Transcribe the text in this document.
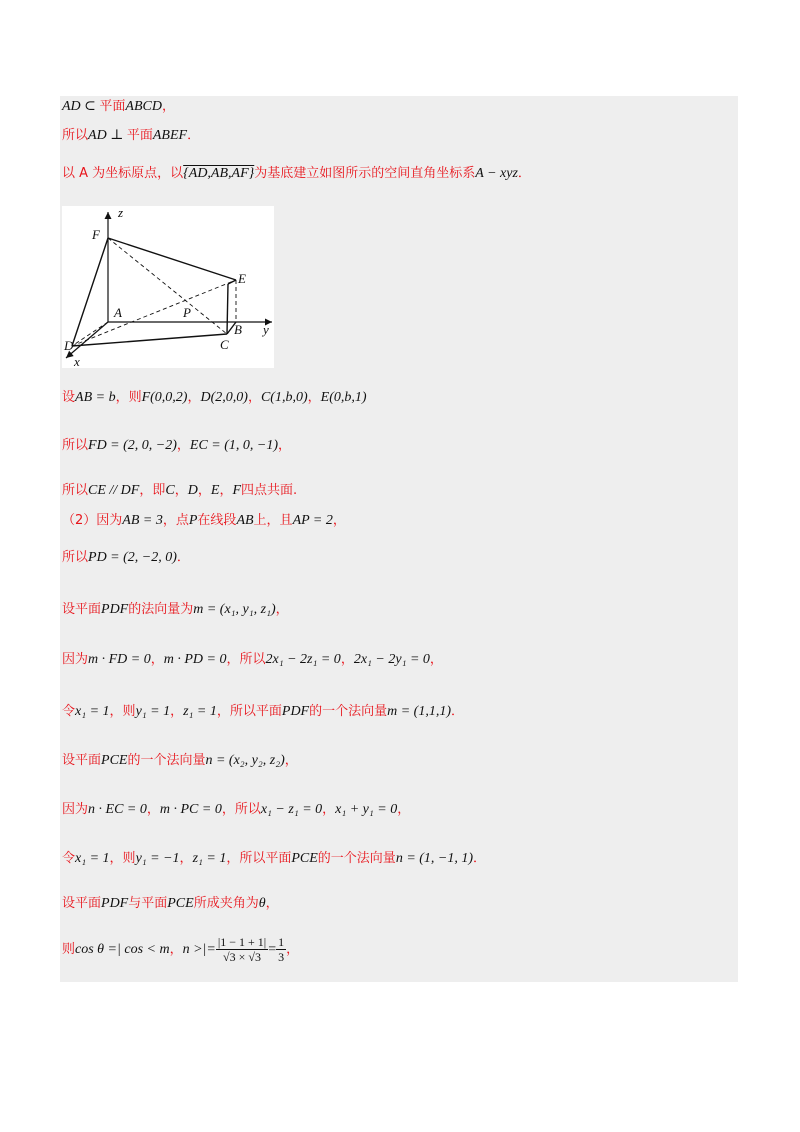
AD ⊂ 平面ABCD，
所以AD ⊥ 平面ABEF．
以 A 为坐标原点，以{AD,AB,AF}为基底建立如图所示的空间直角坐标系A − xyz．
z
F
E
A	P
y
B
C
D
x
设AB = b，则F(0,0,2)，D(2,0,0)，C(1,b,0)，E(0,b,1)
所以FD = (2, 0, −2)，EC = (1, 0, −1)，
所以CE // DF，即C，D，E，F四点共面.
（2）因为AB = 3，点P在线段AB上，且AP = 2，
所以PD = (2, −2, 0)．
设平面PDF的法向量为m = (x₁, y₁, z₁)，
因为m · FD = 0，m · PD = 0，所以2x₁ − 2z₁ = 0，2x₁ − 2y₁ = 0，
令x₁ = 1，则y₁ = 1，z₁ = 1，所以平面PDF的一个法向量m = (1,1,1)．
设平面PCE的一个法向量n = (x₂, y₂, z₂)，
因为n · EC = 0，m · PC = 0，所以x₁ − z₁ = 0，x₁ + y₁ = 0，
令x₁ = 1，则y₁ = −1，z₁ = 1，所以平面PCE的一个法向量n = (1, −1, 1)．
设平面PDF与平面PCE所成夹角为θ，
则cos θ =| cos < m，n >|= $\frac{|1 - 1 + 1|}{√3 \times √3} = \frac{1}{3}$ ，
